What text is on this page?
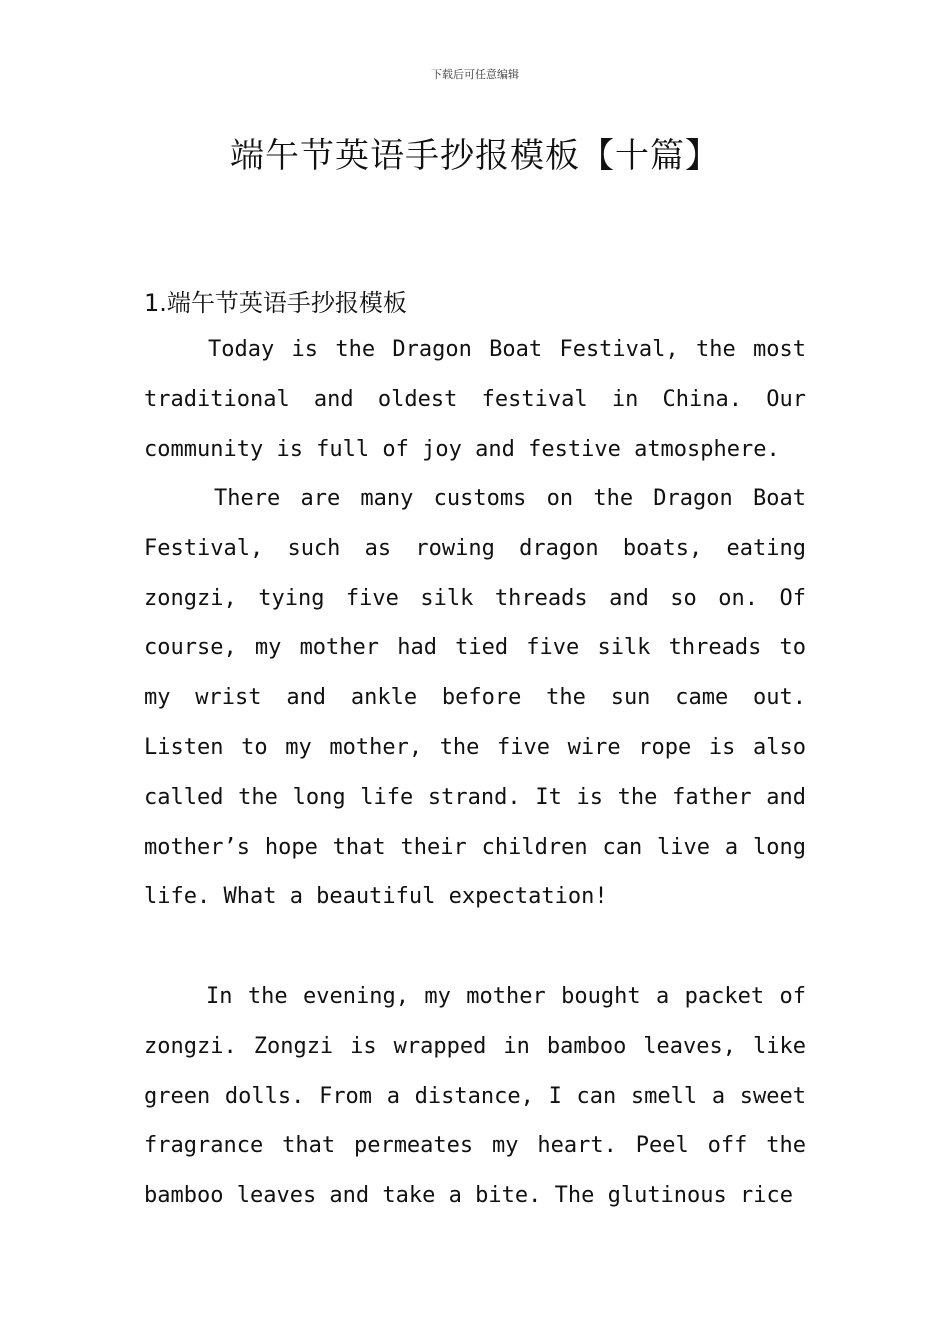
下载后可任意编辑
端午节英语手抄报模板【十篇】
1.端午节英语手抄报模板

Today is the Dragon Boat Festival, the most traditional and oldest festival in China. Our community is full of joy and festive atmosphere.

There are many customs on the Dragon Boat Festival, such as rowing dragon boats, eating zongzi, tying five silk threads and so on. Of course, my mother had tied five silk threads to my wrist and ankle before the sun came out. Listen to my mother, the five wire rope is also called the long life strand. It is the father and mother’s hope that their children can live a long life. What a beautiful expectation!

In the evening, my mother bought a packet of zongzi. Zongzi is wrapped in bamboo leaves, like green dolls. From a distance, I can smell a sweet fragrance that permeates my heart. Peel off the bamboo leaves and take a bite. The glutinous rice
